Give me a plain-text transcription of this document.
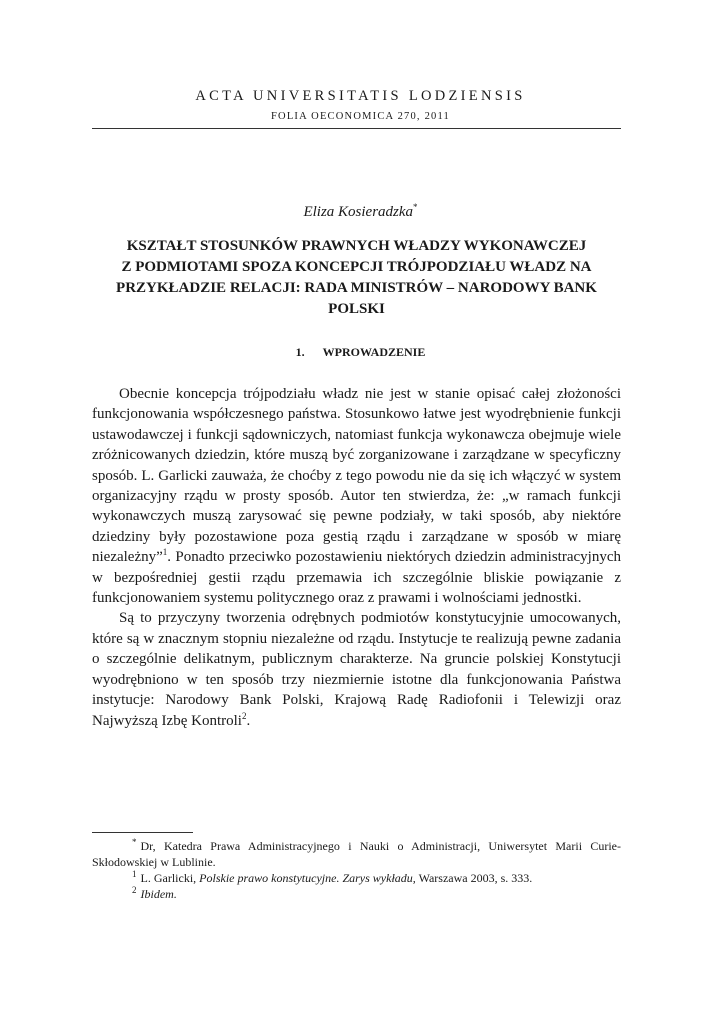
ACTA UNIVERSITATIS LODZIENSIS
FOLIA OECONOMICA 270, 2011
Eliza Kosieradzka*
KSZTAŁT STOSUNKÓW PRAWNYCH WŁADZY WYKONAWCZEJ
Z PODMIOTAMI SPOZA KONCEPCJI TRÓJPODZIAŁU WŁADZ NA
PRZYKŁADZIE RELACJI: RADA MINISTRÓW – NARODOWY BANK
POLSKI
1. WPROWADZENIE

Obecnie koncepcja trójpodziału władz nie jest w stanie opisać całej złożoności funkcjonowania współczesnego państwa. Stosunkowo łatwe jest wyodrębnienie funkcji ustawodawczej i funkcji sądowniczych, natomiast funkcja wykonawcza obejmuje wiele zróżnicowanych dziedzin, które muszą być zorganizowane i zarządzane w specyficzny sposób. L. Garlicki zauważa, że choćby z tego powodu nie da się ich włączyć w system organizacyjny rządu w prosty sposób. Autor ten stwierdza, że: „w ramach funkcji wykonawczych muszą zarysować się pewne podziały, w taki sposób, aby niektóre dziedziny były pozostawione poza gestią rządu i zarządzane w sposób w miarę niezależny”$^1$. Ponadto przeciwko pozostawieniu niektórych dziedzin administracyjnych w bezpośredniej gestii rządu przemawia ich szczególnie bliskie powiązanie z funkcjonowaniem systemu politycznego oraz z prawami i wolnościami jednostki.

Są to przyczyny tworzenia odrębnych podmiotów konstytucyjnie umocowanych, które są w znacznym stopniu niezależne od rządu. Instytucje te realizują pewne zadania o szczególnie delikatnym, publicznym charakterze. Na gruncie polskiej Konstytucji wyodrębniono w ten sposób trzy niezmiernie istotne dla funkcjonowania Państwa instytucje: Narodowy Bank Polski, Krajową Radę Radiofonii i Telewizji oraz Najwyższą Izbę Kontroli$^2$.

* Dr, Katedra Prawa Administracyjnego i Nauki o Administracji, Uniwersytet Marii Curie-Skłodowskiej w Lublinie.

$^1$ L. Garlicki, Polskie prawo konstytucyjne. Zarys wykładu, Warszawa 2003, s. 333.

$^2$ Ibidem.
